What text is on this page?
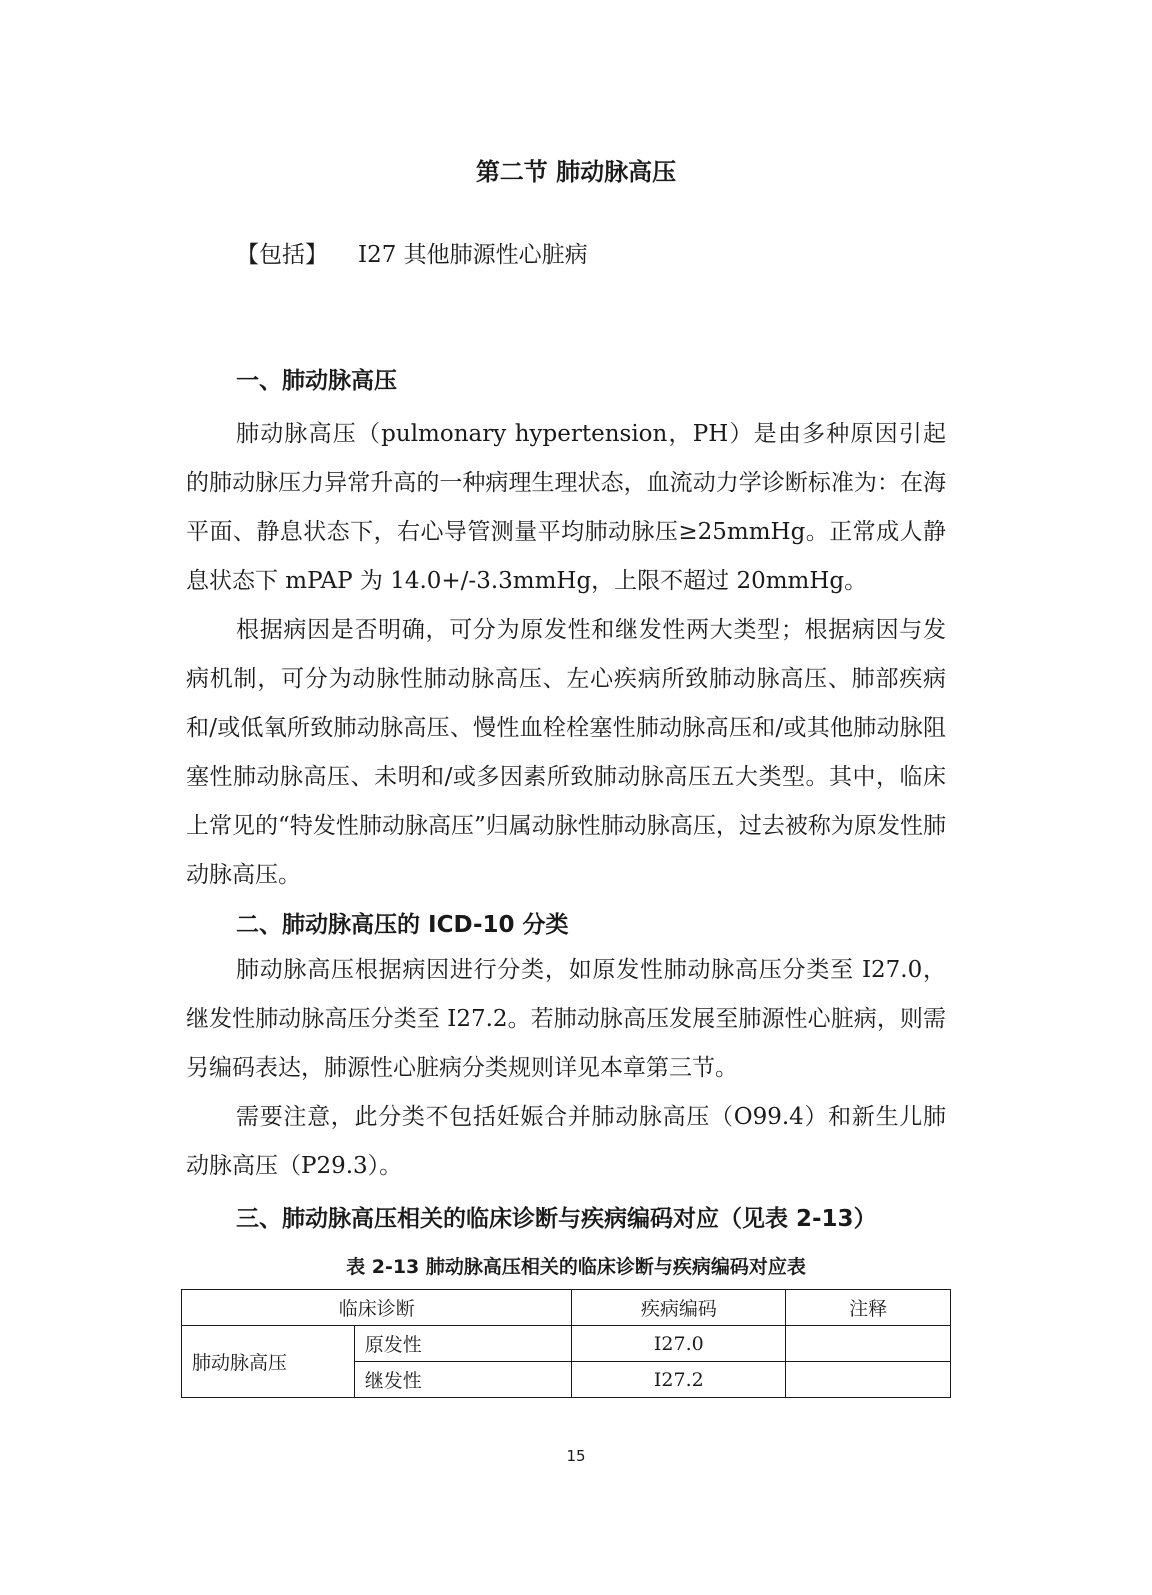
第二节 肺动脉高压
【包括】 I27 其他肺源性心脏病
一、肺动脉高压

肺动脉高压（pulmonary hypertension，PH）是由多种原因引起的肺动脉压力异常升高的一种病理生理状态，血流动力学诊断标准为：在海平面、静息状态下，右心导管测量平均肺动脉压≥25mmHg。正常成人静息状态下 mPAP 为 14.0+/-3.3mmHg，上限不超过 20mmHg。

根据病因是否明确，可分为原发性和继发性两大类型；根据病因与发病机制，可分为动脉性肺动脉高压、左心疾病所致肺动脉高压、肺部疾病和/或低氧所致肺动脉高压、慢性血栓栓塞性肺动脉高压和/或其他肺动脉阻塞性肺动脉高压、未明和/或多因素所致肺动脉高压五大类型。其中，临床上常见的“特发性肺动脉高压”归属动脉性肺动脉高压，过去被称为原发性肺动脉高压。

二、肺动脉高压的 ICD-10 分类

肺动脉高压根据病因进行分类，如原发性肺动脉高压分类至 I27.0，继发性肺动脉高压分类至 I27.2。若肺动脉高压发展至肺源性心脏病，则需另编码表达，肺源性心脏病分类规则详见本章第三节。

需要注意，此分类不包括妊娠合并肺动脉高压（O99.4）和新生儿肺动脉高压（P29.3）。

三、肺动脉高压相关的临床诊断与疾病编码对应（见表 2-13）
表 2-13 肺动脉高压相关的临床诊断与疾病编码对应表
临床诊断		疾病编码	注释
肺动脉高压	原发性	I27.0	
	继发性	I27.2	
15
